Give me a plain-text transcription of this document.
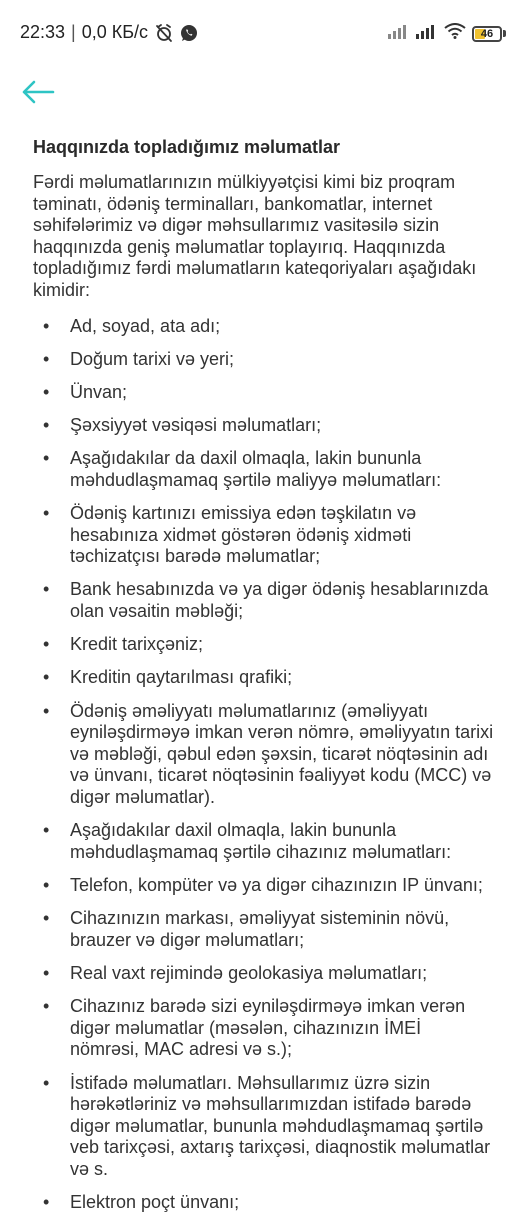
22:33 | 0,0 КБ/с	46
Haqqınızda topladığımız məlumatlar

Fərdi məlumatlarınızın mülkiyyətçisi kimi biz proqram təminatı, ödəniş terminalları, bankomatlar, internet səhifələrimiz və digər məhsullarımız vasitəsilə sizin haqqınızda geniş məlumatlar toplayırıq. Haqqınızda topladığımız fərdi məlumatların kateqoriyaları aşağıdakı kimidir:

• Ad, soyad, ata adı;
• Doğum tarixi və yeri;
• Ünvan;
• Şəxsiyyət vəsiqəsi məlumatları;
• Aşağıdakılar da daxil olmaqla, lakin bununla məhdudlaşmamaq şərtilə maliyyə məlumatları:
• Ödəniş kartınızı emissiya edən təşkilatın və hesabınıza xidmət göstərən ödəniş xidməti təchizatçısı barədə məlumatlar;
• Bank hesabınızda və ya digər ödəniş hesablarınızda olan vəsaitin məbləği;
• Kredit tarixçəniz;
• Kreditin qaytarılması qrafiki;
• Ödəniş əməliyyatı məlumatlarınız (əməliyyatı eyniləşdirməyə imkan verən nömrə, əməliyyatın tarixi və məbləği, qəbul edən şəxsin, ticarət nöqtəsinin adı və ünvanı, ticarət nöqtəsinin fəaliyyət kodu (MCC) və digər məlumatlar).
• Aşağıdakılar daxil olmaqla, lakin bununla məhdudlaşmamaq şərtilə cihazınız məlumatları:
• Telefon, kompüter və ya digər cihazınızın IP ünvanı;
• Cihazınızın markası, əməliyyat sisteminin növü, brauzer və digər məlumatları;
• Real vaxt rejimində geolokasiya məlumatları;
• Cihazınız barədə sizi eyniləşdirməyə imkan verən digər məlumatlar (məsələn, cihazınızın İMEİ nömrəsi, MAC adresi və s.);
• İstifadə məlumatları. Məhsullarımız üzrə sizin hərəkətləriniz və məhsullarımızdan istifadə barədə digər məlumatlar, bununla məhdudlaşmamaq şərtilə veb tarixçəsi, axtarış tarixçəsi, diaqnostik məlumatlar və s.
• Elektron poçt ünvanı;
